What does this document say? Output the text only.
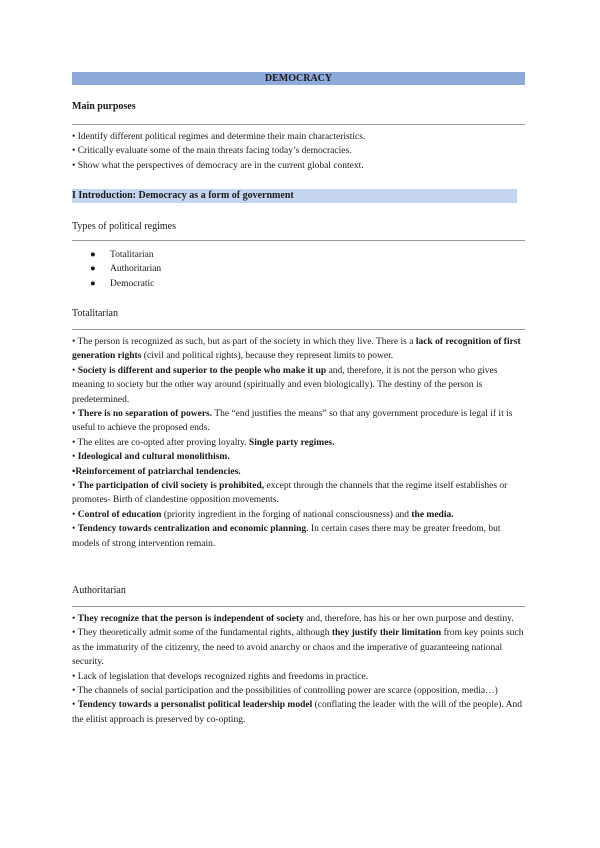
DEMOCRACY
Main purposes
• Identify different political regimes and determine their main characteristics.
• Critically evaluate some of the main threats facing today’s democracies.
• Show what the perspectives of democracy are in the current global context.
I Introduction: Democracy as a form of government
Types of political regimes
● Totalitarian
● Authoritarian
● Democratic
Totalitarian
• The person is recognized as such, but as part of the society in which they live. There is a lack of recognition of first generation rights (civil and political rights), because they represent limits to power.
• Society is different and superior to the people who make it up and, therefore, it is not the person who gives meaning to society but the other way around (spiritually and even biologically). The destiny of the person is predetermined.
• There is no separation of powers. The “end justifies the means” so that any government procedure is legal if it is useful to achieve the proposed ends.
• The elites are co-opted after proving loyalty. Single party regimes.
• Ideological and cultural monolithism.
•Reinforcement of patriarchal tendencies.
• The participation of civil society is prohibited, except through the channels that the regime itself establishes or promotes- Birth of clandestine opposition movements.
• Control of education (priority ingredient in the forging of national consciousness) and the media.
• Tendency towards centralization and economic planning. In certain cases there may be greater freedom, but models of strong intervention remain.
Authoritarian
• They recognize that the person is independent of society and, therefore, has his or her own purpose and destiny.
• They theoretically admit some of the fundamental rights, although they justify their limitation from key points such as the immaturity of the citizenry, the need to avoid anarchy or chaos and the imperative of guaranteeing national security.
• Lack of legislation that develops recognized rights and freedoms in practice.
• The channels of social participation and the possibilities of controlling power are scarce (opposition, media…)
• Tendency towards a personalist political leadership model (conflating the leader with the will of the people). And the elitist approach is preserved by co-opting.
